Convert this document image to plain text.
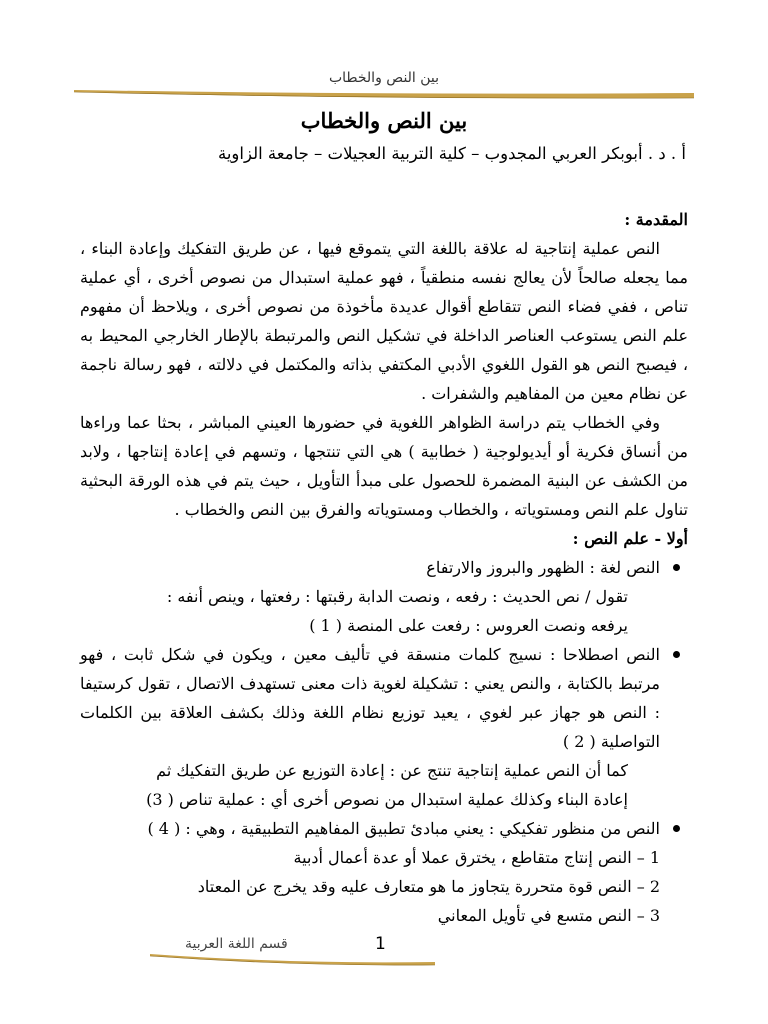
بين النص والخطاب
بين النص والخطاب
أ . د . أبوبكر العربي المجدوب – كلية التربية العجيلات – جامعة الزاوية

المقدمة :

النص عملية إنتاجية له علاقة باللغة التي يتموقع فيها ، عن طريق التفكيك وإعادة البناء ، مما يجعله صالحاً لأن يعالج نفسه منطقياً ، فهو عملية استبدال من نصوص أخرى ، أي عملية تناص ، ففي فضاء النص تتقاطع أقوال عديدة مأخوذة من نصوص أخرى ، ويلاحظ أن مفهوم علم النص يستوعب العناصر الداخلة في تشكيل النص والمرتبطة بالإطار الخارجي المحيط به ، فيصبح النص هو القول اللغوي الأدبي المكتفي بذاته والمكتمل في دلالته ، فهو رسالة ناجمة عن نظام معين من المفاهيم والشفرات .

وفي الخطاب يتم دراسة الظواهر اللغوية في حضورها العيني المباشر ، بحثا عما وراءها من أنساق فكرية أو أيديولوجية ( خطابية ) هي التي تنتجها ، وتسهم في إعادة إنتاجها ، ولابد من الكشف عن البنية المضمرة للحصول على مبدأ التأويل ، حيث يتم في هذه الورقة البحثية تناول علم النص ومستوياته ، والخطاب ومستوياته والفرق بين النص والخطاب .

أولا - علم النص :

النص لغة : الظهور والبروز والارتفاع

تقول / نص الحديث : رفعه ، ونصت الدابة رقبتها : رفعتها ، وينص أنفه :

يرفعه ونصت العروس : رفعت على المنصة ( 1 )

النص اصطلاحا : نسيج كلمات منسقة في تأليف معين ، ويكون في شكل ثابت ، فهو مرتبط بالكتابة ، والنص يعني : تشكيلة لغوية ذات معنى تستهدف الاتصال ، تقول كرستيفا : النص هو جهاز عبر لغوي ، يعيد توزيع نظام اللغة وذلك بكشف العلاقة بين الكلمات التواصلية ( 2 )

كما أن النص عملية إنتاجية تنتج عن : إعادة التوزيع عن طريق التفكيك ثم

إعادة البناء وكذلك عملية استبدال من نصوص أخرى أي : عملية تناص ( 3)

النص من منظور تفكيكي : يعني مبادئ تطبيق المفاهيم التطبيقية ، وهي : ( 4 )

1 – النص إنتاج متقاطع ، يخترق عملا أو عدة أعمال أدبية

2 – النص قوة متحررة يتجاوز ما هو متعارف عليه وقد يخرج عن المعتاد

3 – النص متسع في تأويل المعاني

قسم اللغة العربية	1
